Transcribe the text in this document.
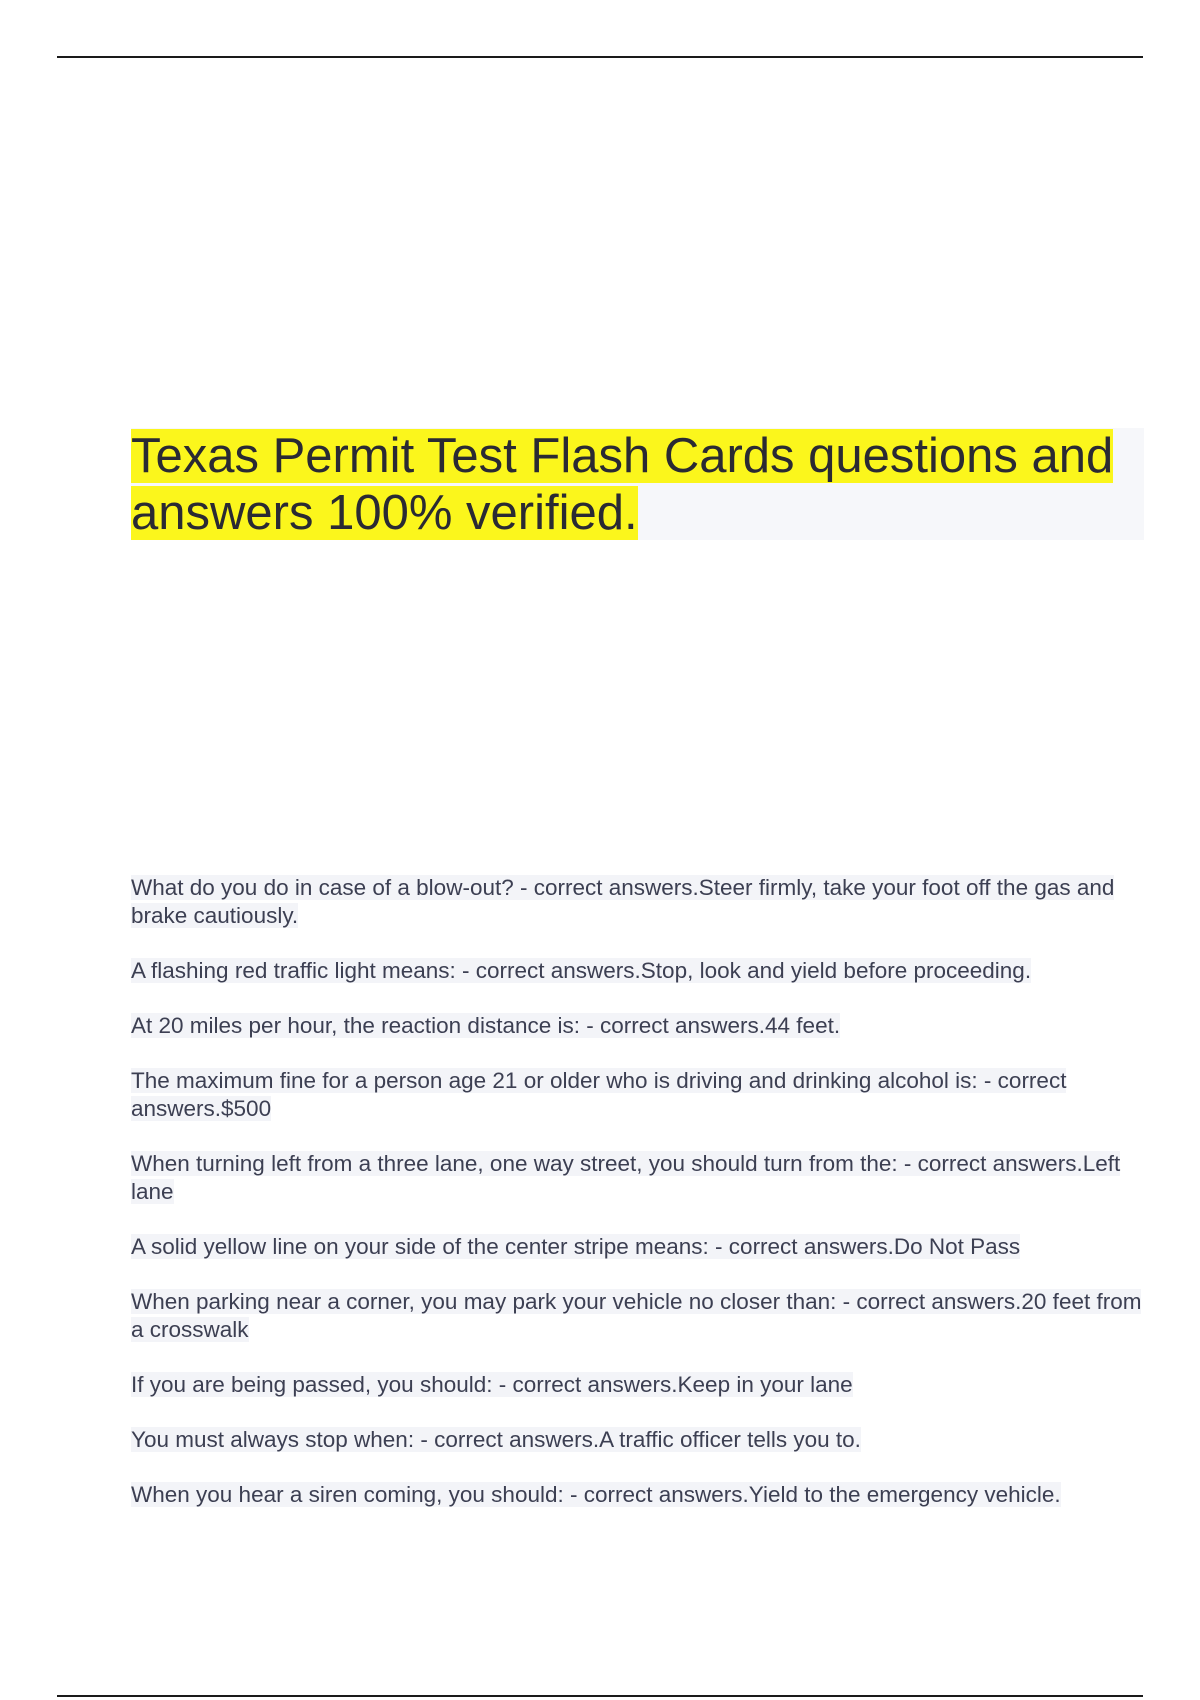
Texas Permit Test Flash Cards questions and answers 100% verified.
What do you do in case of a blow-out? - correct answers.Steer firmly, take your foot off the gas and brake cautiously.
A flashing red traffic light means: - correct answers.Stop, look and yield before proceeding.
At 20 miles per hour, the reaction distance is: - correct answers.44 feet.
The maximum fine for a person age 21 or older who is driving and drinking alcohol is: - correct answers.$500
When turning left from a three lane, one way street, you should turn from the: - correct answers.Left lane
A solid yellow line on your side of the center stripe means: - correct answers.Do Not Pass
When parking near a corner, you may park your vehicle no closer than: - correct answers.20 feet from a crosswalk
If you are being passed, you should: - correct answers.Keep in your lane
You must always stop when: - correct answers.A traffic officer tells you to.
When you hear a siren coming, you should: - correct answers.Yield to the emergency vehicle.
